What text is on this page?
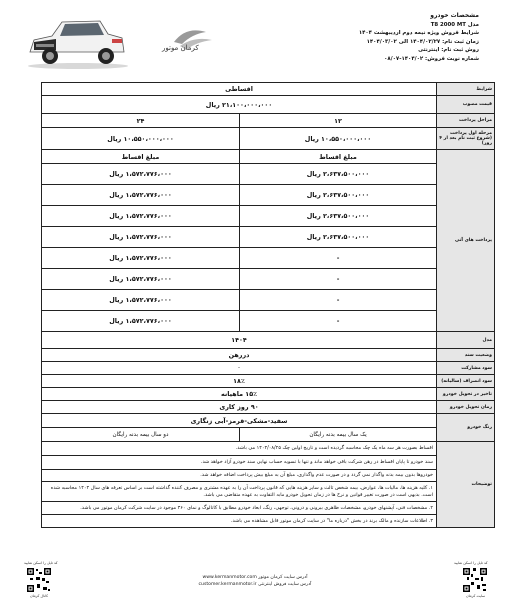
کرمان موتور
مشخصات خودرو
مدل T8 2000 MT
شرایط فروش ویژه نیمه دوم اردیبهشت ۱۴۰۴
زمان ثبت نام: ۱۴۰۴/۰۲/۲۷ الی ۱۴۰۴/۰۳/۰۲
روش ثبت نام: اینترنتی
شماره نوبت فروش: ۱۴۰۴/۰۲-۰۸/۰۷
شرایط	اقساطی	
قیمت مصوب	۲۱،۱۰۰،۰۰۰،۰۰۰ ریال	
مراحل پرداخت	۱۲	۲۴
مرحله اول پرداخت (شروع ثبت نام بعد از ۴ روز)	۱۰،۵۵۰،۰۰۰،۰۰۰ ریال	۱۰،۵۵۰،۰۰۰،۰۰۰ ریال
پرداخت های آتی	مبلغ اقساط	مبلغ اقساط
	۲،۶۳۷،۵۰۰،۰۰۰ ریال	۱،۵۷۲،۷۷۶،۰۰۰ ریال
	۲،۶۳۷،۵۰۰،۰۰۰ ریال	۱،۵۷۲،۷۷۶،۰۰۰ ریال
	۲،۶۳۷،۵۰۰،۰۰۰ ریال	۱،۵۷۲،۷۷۶،۰۰۰ ریال
	۲،۶۳۷،۵۰۰،۰۰۰ ریال	۱،۵۷۲،۷۷۶،۰۰۰ ریال
	-	۱،۵۷۲،۷۷۶،۰۰۰ ریال
	-	۱،۵۷۲،۷۷۶،۰۰۰ ریال
	-	۱،۵۷۲،۷۷۶،۰۰۰ ریال
	-	۱،۵۷۲،۷۷۶،۰۰۰ ریال
مدل	۱۴۰۴	
وضعیت سند	دررهن	
سود مشارکت	-	
سود انصراف (سالیانه)	۱۸٪	
تاخیر در تحویل خودرو	۱۵٪ ماهیانه	
زمان تحویل خودرو	۹۰ روز کاری	
رنگ خودرو	سفید-مشکی-قرمز-آبی زنگاری	
	یک سال بیمه بدنه رایگان	دو سال بیمه بدنه رایگان
توضیحات	اقساط بصورت هر سه ماه یک چک محاسبه گردیده است و تاریخ اولین چک ۱۴۰۴/۰۸/۲۵ می باشد.	
	سند خودرو تا پایان اقساط در رهن شرکت باقی خواهد ماند و تنها با تسویه حساب نهایی سند خودرو آزاد خواهد شد.	
	خودروها بدون بیمه بدنه واگذار نمی گردد و در صورت عدم واگذاری، مبلغ آن به مبلغ بیش پرداخت اضافه خواهد شد.	
	۱. کلیه هزینه ها، مالیات ها، عوارض، بیمه شخص ثالث و سایر هزینه هایی که قانون پرداخت آن را به عهده مشتری و مصرف کننده گذاشته است بر اساس تعرفه های سال ۱۴۰۴ محاسبه شده است. بدیهی است در صورت تغییر قوانین و نرخ ها در زمان تحویل خودرو مابه التفاوت به عهده متقاضی می باشد.	
	۲. مشخصات فنی، آپشنهای خودرو، مشخصات ظاهری بیرونی و درونی، توجهی، رنگ، ابعاد خودرو مطابق با کاتالوگ و نمای ۳۶۰ موجود در سایت شرکت کرمان موتور می باشد.	
	۳. اطلاعات سازنده و مالک برند در بخش "درباره ما" در سایت کرمان موتور قابل مشاهده می باشد.	
کد تایل را اسکن نمایید
کانال کرمان
آدرس سایت کرمان موتور www.kermanmotor.com
آدرس سایت فروش اینترنتی customer.kermanmotor.ir
کد تایل را اسکن نمایید
سایت کرمان
